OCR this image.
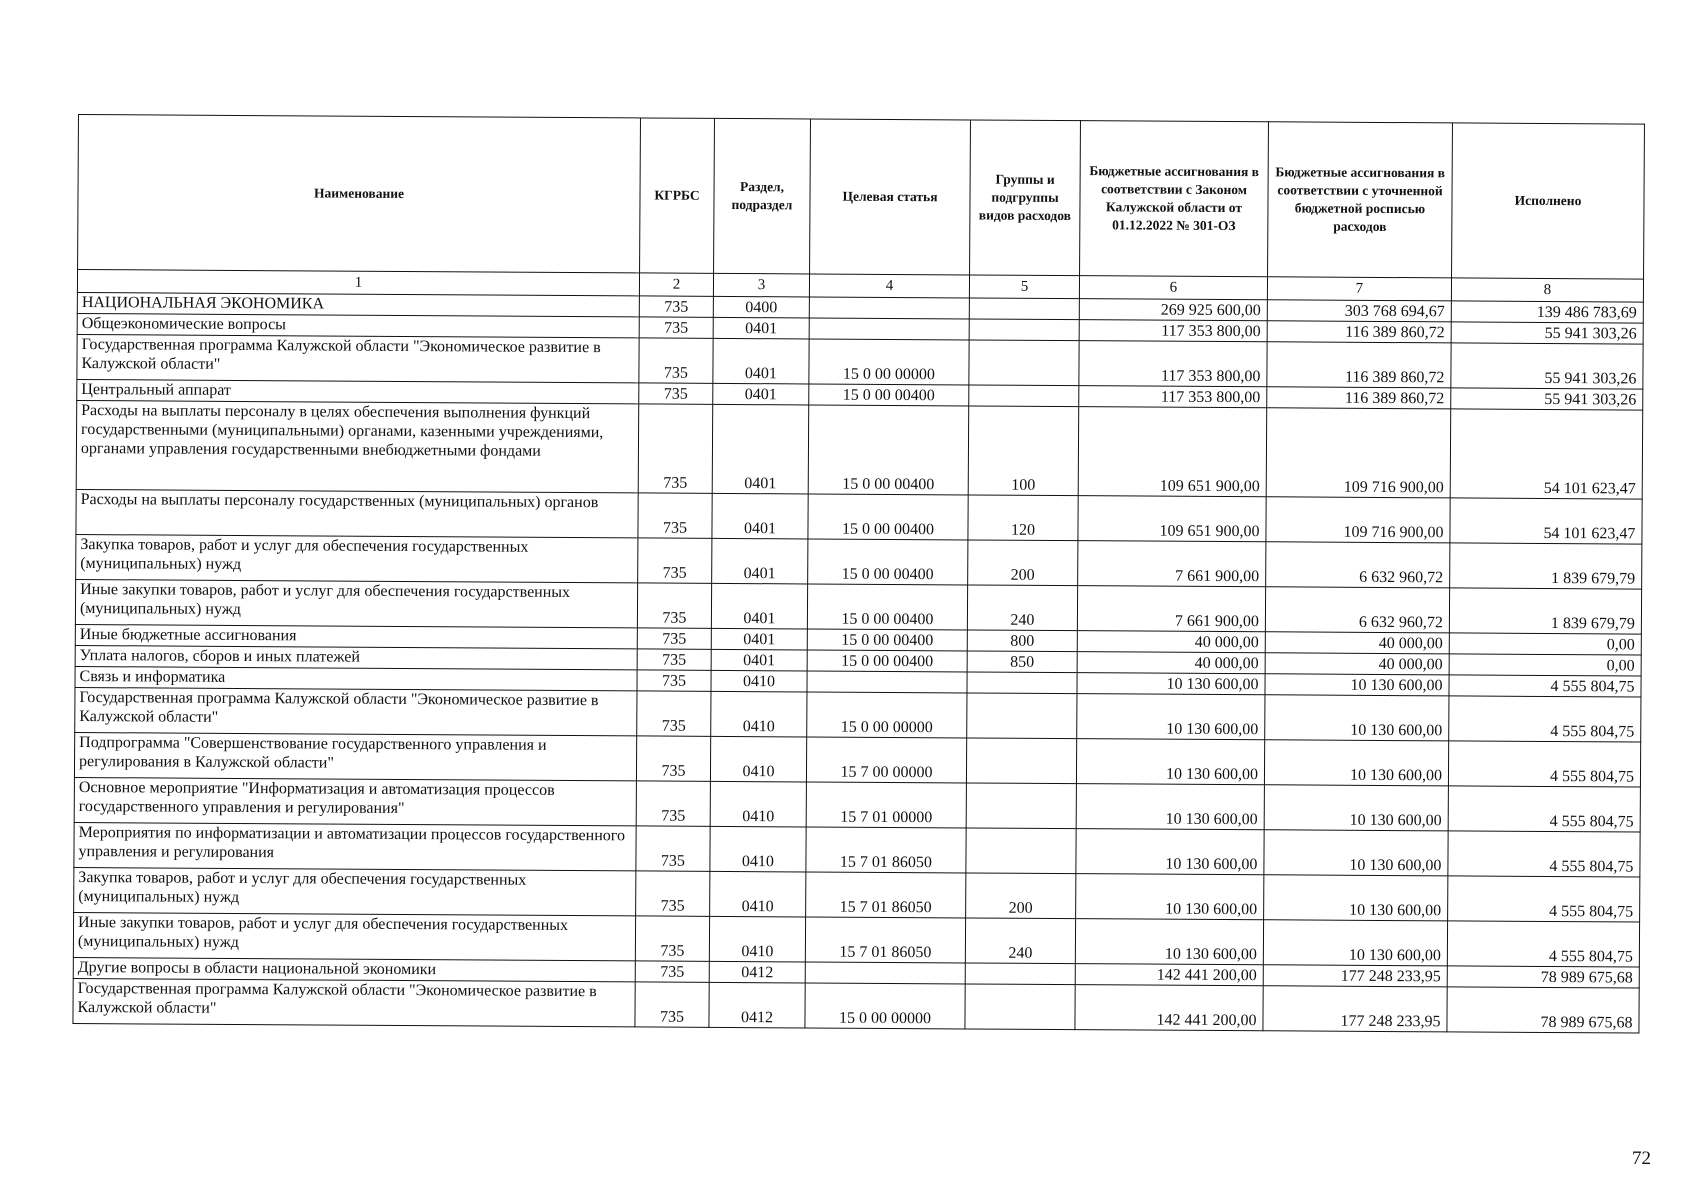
Наименование	КГРБС	Раздел, подраздел	Целевая статья	Группы и подгруппы видов расходов	Бюджетные ассигнования в соответствии с Законом Калужской области от 01.12.2022 № 301-ОЗ	Бюджетные ассигнования в соответствии с уточненной бюджетной росписью расходов	Исполнено
1	2	3	4	5	6	7	8
НАЦИОНАЛЬНАЯ ЭКОНОМИКА	735	0400			269 925 600,00	303 768 694,67	139 486 783,69
Общеэкономические вопросы	735	0401			117 353 800,00	116 389 860,72	55 941 303,26
Государственная программа Калужской области "Экономическое развитие в Калужской области"	735	0401	15 0 00 00000		117 353 800,00	116 389 860,72	55 941 303,26
Центральный аппарат	735	0401	15 0 00 00400		117 353 800,00	116 389 860,72	55 941 303,26
Расходы на выплаты персоналу в целях обеспечения выполнения функций государственными (муниципальными) органами, казенными учреждениями, органами управления государственными внебюджетными фондами	735	0401	15 0 00 00400	100	109 651 900,00	109 716 900,00	54 101 623,47
Расходы на выплаты персоналу государственных (муниципальных) органов	735	0401	15 0 00 00400	120	109 651 900,00	109 716 900,00	54 101 623,47
Закупка товаров, работ и услуг для обеспечения государственных (муниципальных) нужд	735	0401	15 0 00 00400	200	7 661 900,00	6 632 960,72	1 839 679,79
Иные закупки товаров, работ и услуг для обеспечения государственных (муниципальных) нужд	735	0401	15 0 00 00400	240	7 661 900,00	6 632 960,72	1 839 679,79
Иные бюджетные ассигнования	735	0401	15 0 00 00400	800	40 000,00	40 000,00	0,00
Уплата налогов, сборов и иных платежей	735	0401	15 0 00 00400	850	40 000,00	40 000,00	0,00
Связь и информатика	735	0410			10 130 600,00	10 130 600,00	4 555 804,75
Государственная программа Калужской области "Экономическое развитие в Калужской области"	735	0410	15 0 00 00000		10 130 600,00	10 130 600,00	4 555 804,75
Подпрограмма "Совершенствование государственного управления и регулирования в Калужской области"	735	0410	15 7 00 00000		10 130 600,00	10 130 600,00	4 555 804,75
Основное мероприятие "Информатизация и автоматизация процессов государственного управления и регулирования"	735	0410	15 7 01 00000		10 130 600,00	10 130 600,00	4 555 804,75
Мероприятия по информатизации и автоматизации процессов государственного управления и регулирования	735	0410	15 7 01 86050		10 130 600,00	10 130 600,00	4 555 804,75
Закупка товаров, работ и услуг для обеспечения государственных (муниципальных) нужд	735	0410	15 7 01 86050	200	10 130 600,00	10 130 600,00	4 555 804,75
Иные закупки товаров, работ и услуг для обеспечения государственных (муниципальных) нужд	735	0410	15 7 01 86050	240	10 130 600,00	10 130 600,00	4 555 804,75
Другие вопросы в области национальной экономики	735	0412			142 441 200,00	177 248 233,95	78 989 675,68
Государственная программа Калужской области "Экономическое развитие в Калужской области"	735	0412	15 0 00 00000		142 441 200,00	177 248 233,95	78 989 675,68
72
